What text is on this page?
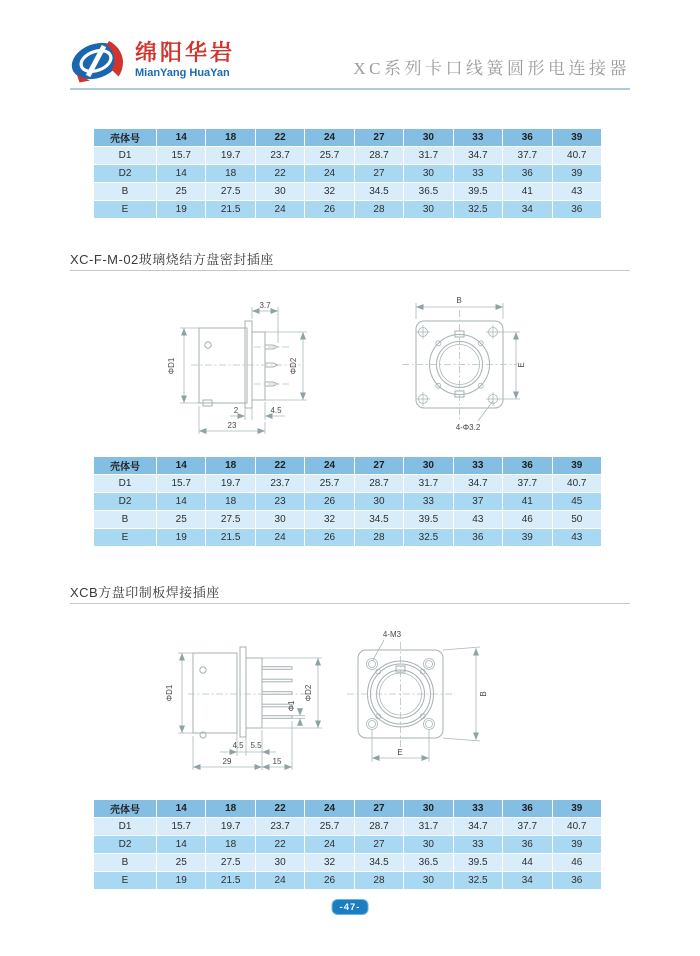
绵阳华岩
MianYang HuaYan	XC系列卡口线簧圆形电连接器
壳体号	14	18	22	24	27	30	33	36	39
D1	15.7	19.7	23.7	25.7	28.7	31.7	34.7	37.7	40.7
D2	14	18	22	24	27	30	33	36	39
B	25	27.5	30	32	34.5	36.5	39.5	41	43
E	19	21.5	24	26	28	30	32.5	34	36
XC-F-M-02玻璃烧结方盘密封插座
3.7
ΦD1	ΦD2
2	4.5
23
B
E
4-Φ3.2
壳体号	14	18	22	24	27	30	33	36	39
D1	15.7	19.7	23.7	25.7	28.7	31.7	34.7	37.7	40.7
D2	14	18	23	26	30	33	37	41	45
B	25	27.5	30	32	34.5	39.5	43	46	50
E	19	21.5	24	26	28	32.5	36	39	43
XCB方盘印制板焊接插座
ΦD1	ΦD2
Φ1
4.5 5.5
29	15
4-M3
B
E
壳体号	14	18	22	24	27	30	33	36	39
D1	15.7	19.7	23.7	25.7	28.7	31.7	34.7	37.7	40.7
D2	14	18	22	24	27	30	33	36	39
B	25	27.5	30	32	34.5	36.5	39.5	44	46
E	19	21.5	24	26	28	30	32.5	34	36
-47-
